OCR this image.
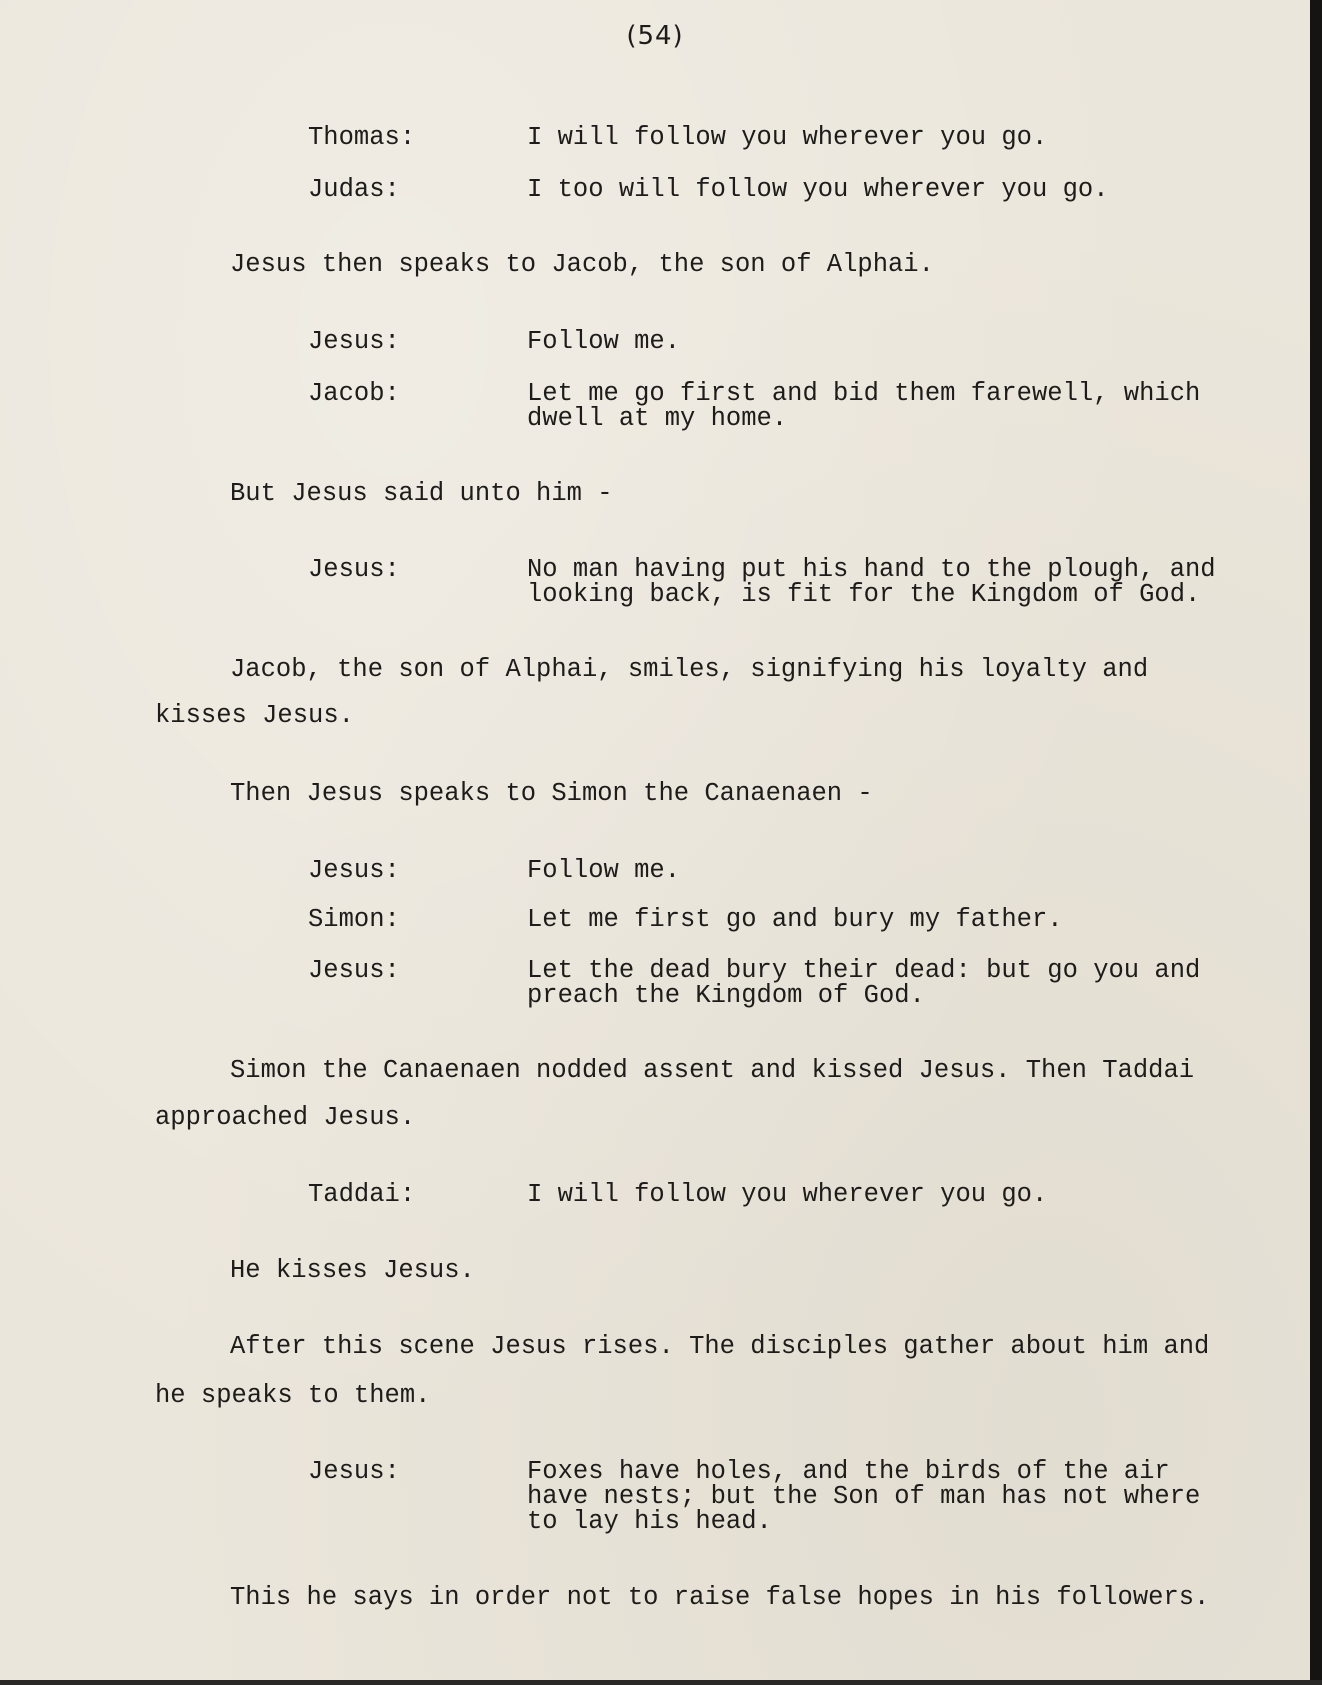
(54)
Thomas:	I will follow you wherever you go.
Judas:	I too will follow you wherever you go.
Jesus then speaks to Jacob, the son of Alphai.
Jesus:	Follow me.
Jacob:	Let me go first and bid them farewell, which
dwell at my home.
But Jesus said unto him -
Jesus:	No man having put his hand to the plough, and
looking back, is fit for the Kingdom of God.
Jacob, the son of Alphai, smiles, signifying his loyalty and
kisses Jesus.
Then Jesus speaks to Simon the Canaenaen -
Jesus:	Follow me.
Simon:	Let me first go and bury my father.
Jesus:	Let the dead bury their dead: but go you and
preach the Kingdom of God.
Simon the Canaenaen nodded assent and kissed Jesus. Then Taddai
approached Jesus.
Taddai:	I will follow you wherever you go.
He kisses Jesus.
After this scene Jesus rises. The disciples gather about him and
he speaks to them.
Jesus:	Foxes have holes, and the birds of the air
have nests; but the Son of man has not where
to lay his head.
This he says in order not to raise false hopes in his followers.
